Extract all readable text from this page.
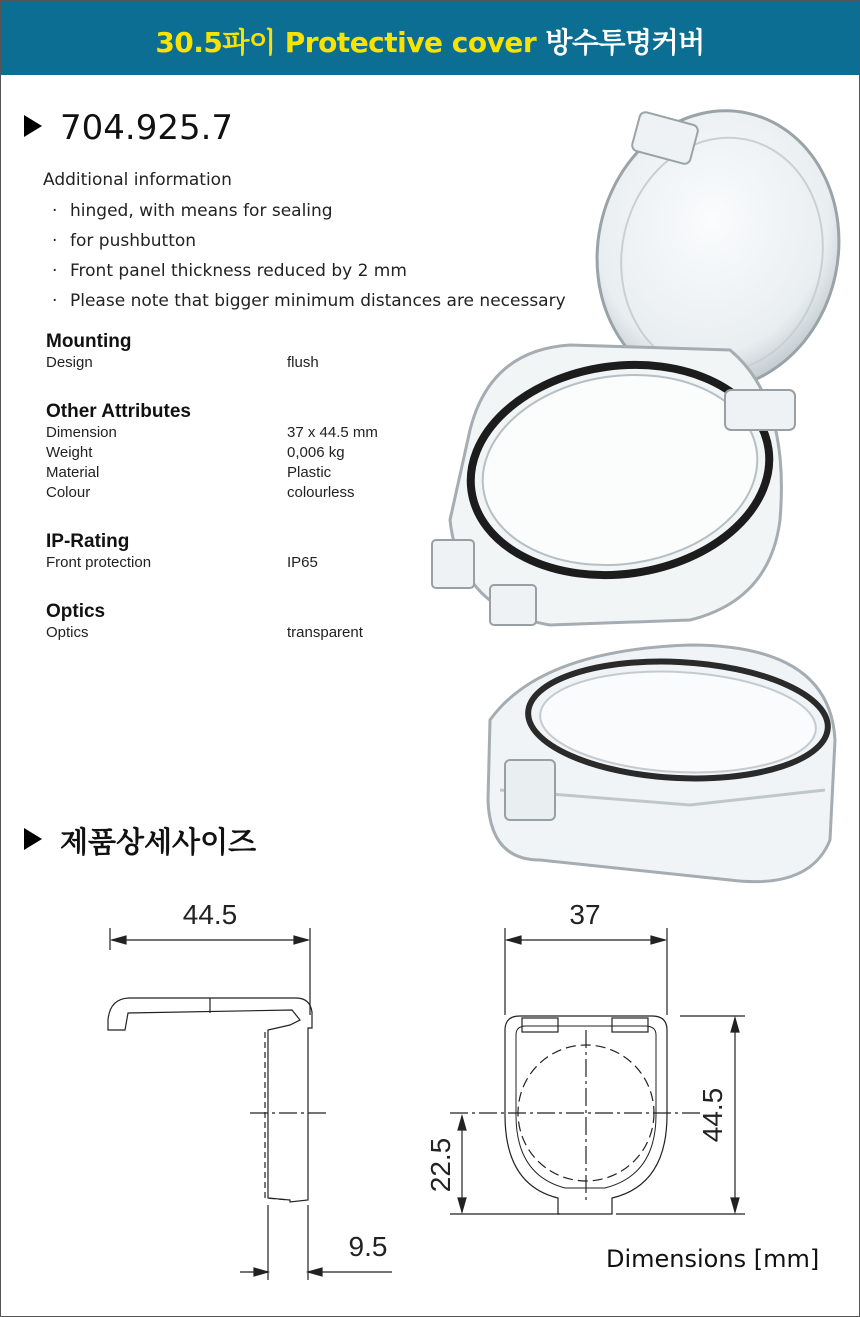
30.5파이 Protective cover 방수투명커버
704.925.7
Additional information
· hinged, with means for sealing
· for pushbutton
· Front panel thickness reduced by 2 mm
· Please note that bigger minimum distances are necessary
Mounting
Design	flush
Other Attributes
Dimension	37 x 44.5 mm
Weight	0,006 kg
Material	Plastic
Colour	colourless
IP-Rating
Front protection	IP65
Optics
Optics	transparent
제품상세사이즈
44.5	37
9.5
22.5
44.5
Dimensions [mm]
